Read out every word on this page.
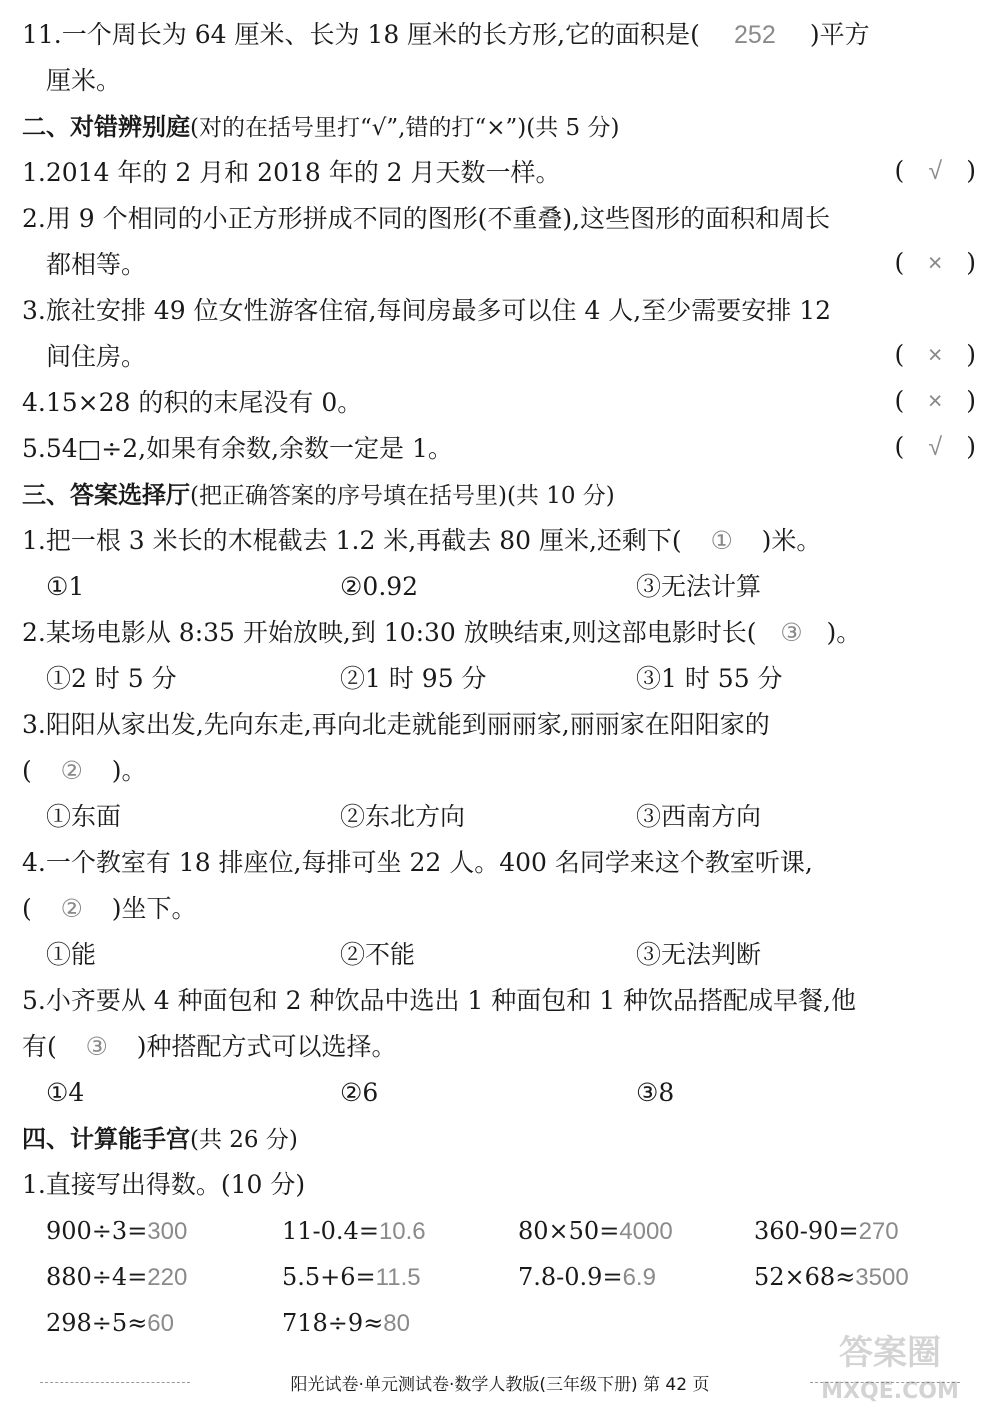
11.一个周长为 64 厘米、长为 18 厘米的长方形,它的面积是( 252 )平方
厘米。
二、对错辨别庭(对的在括号里打“√”,错的打“×”)(共 5 分)
1.2014 年的 2 月和 2018 年的 2 月天数一样。	( √ )
2.用 9 个相同的小正方形拼成不同的图形(不重叠),这些图形的面积和周长
都相等。	( × )
3.旅社安排 49 位女性游客住宿,每间房最多可以住 4 人,至少需要安排 12
间住房。	( × )
4.15×28 的积的末尾没有 0。	( × )
5.54□÷2,如果有余数,余数一定是 1。	( √ )
三、答案选择厅(把正确答案的序号填在括号里)(共 10 分)
1.把一根 3 米长的木棍截去 1.2 米,再截去 80 厘米,还剩下( ① )米。
①1	②0.92	③无法计算
2.某场电影从 8:35 开始放映,到 10:30 放映结束,则这部电影时长( ③ )。
①2 时 5 分	②1 时 95 分	③1 时 55 分
3.阳阳从家出发,先向东走,再向北走就能到丽丽家,丽丽家在阳阳家的
( ② )。
①东面	②东北方向	③西南方向
4.一个教室有 18 排座位,每排可坐 22 人。400 名同学来这个教室听课,
( ② )坐下。
①能	②不能	③无法判断
5.小齐要从 4 种面包和 2 种饮品中选出 1 种面包和 1 种饮品搭配成早餐,他
有( ③ )种搭配方式可以选择。
①4	②6	③8
四、计算能手宫(共 26 分)
1.直接写出得数。(10 分)
900÷3=300	11-0.4=10.6	80×50=4000	360-90=270
880÷4=220	5.5+6=11.5	7.8-0.9=6.9	52×68≈3500
298÷5≈60	718÷9≈80
阳光试卷·单元测试卷·数学人教版(三年级下册) 第 42 页
答案圈
MXQE.COM
